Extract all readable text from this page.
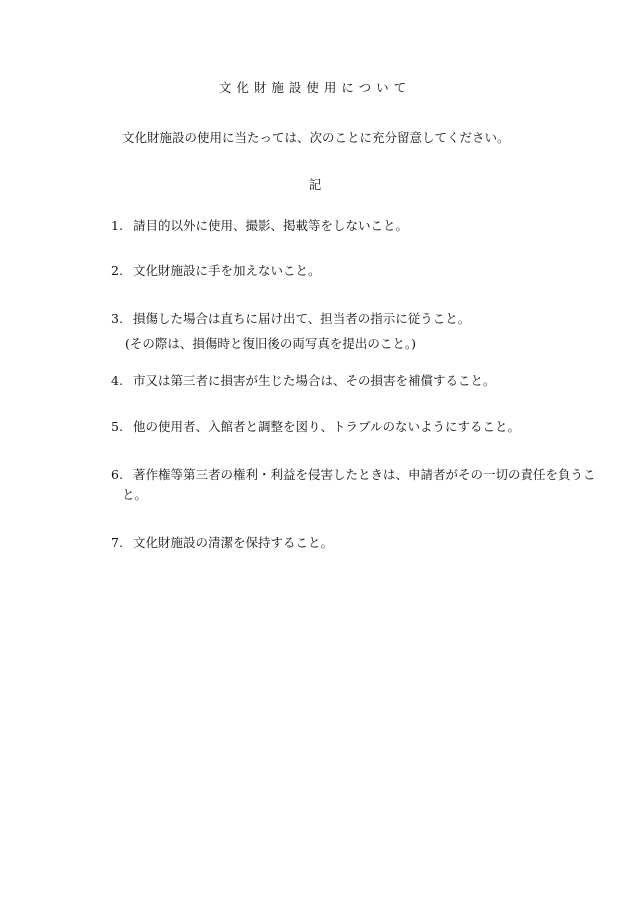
文化財施設使用について
文化財施設の使用に当たっては、次のことに充分留意してください。
記
1. 請目的以外に使用、撮影、掲載等をしないこと。
2. 文化財施設に手を加えないこと。
3. 損傷した場合は直ちに届け出て、担当者の指示に従うこと。
(その際は、損傷時と復旧後の両写真を提出のこと。)
4. 市又は第三者に損害が生じた場合は、その損害を補償すること。
5. 他の使用者、入館者と調整を図り、トラブルのないようにすること。
6. 著作権等第三者の権利・利益を侵害したときは、申請者がその一切の責任を負うこ
と。
7. 文化財施設の清潔を保持すること。
